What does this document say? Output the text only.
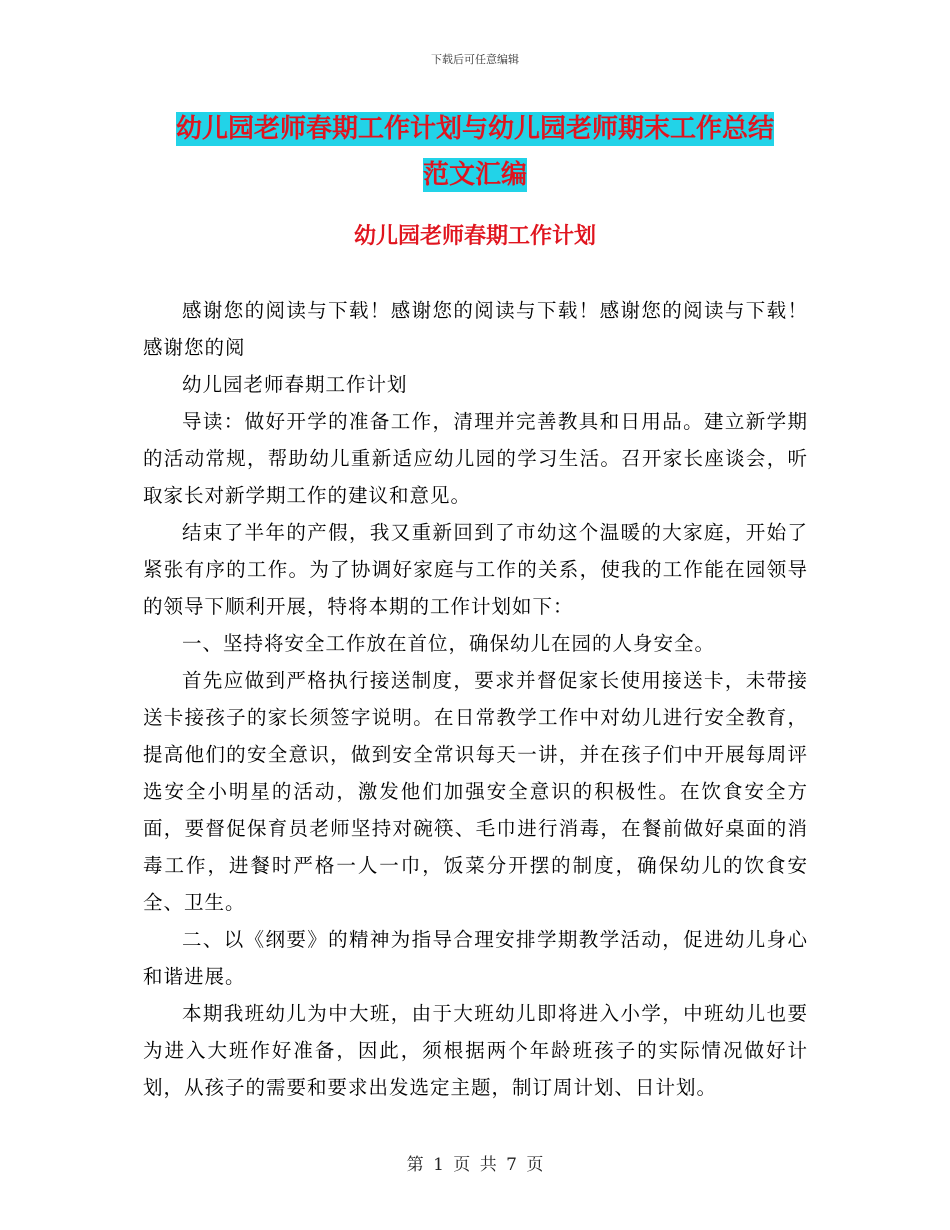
下载后可任意编辑
幼儿园老师春期工作计划与幼儿园老师期末工作总结
范文汇编
幼儿园老师春期工作计划

感谢您的阅读与下载！感谢您的阅读与下载！感谢您的阅读与下载！感谢您的阅

幼儿园老师春期工作计划

导读：做好开学的准备工作，清理并完善教具和日用品。建立新学期的活动常规，帮助幼儿重新适应幼儿园的学习生活。召开家长座谈会，听取家长对新学期工作的建议和意见。

结束了半年的产假，我又重新回到了市幼这个温暖的大家庭，开始了紧张有序的工作。为了协调好家庭与工作的关系，使我的工作能在园领导的领导下顺利开展，特将本期的工作计划如下：

一、坚持将安全工作放在首位，确保幼儿在园的人身安全。

首先应做到严格执行接送制度，要求并督促家长使用接送卡，未带接送卡接孩子的家长须签字说明。在日常教学工作中对幼儿进行安全教育，提高他们的安全意识，做到安全常识每天一讲，并在孩子们中开展每周评选安全小明星的活动，激发他们加强安全意识的积极性。在饮食安全方面，要督促保育员老师坚持对碗筷、毛巾进行消毒，在餐前做好桌面的消毒工作，进餐时严格一人一巾，饭菜分开摆的制度，确保幼儿的饮食安全、卫生。

二、以《纲要》的精神为指导合理安排学期教学活动，促进幼儿身心和谐进展。

本期我班幼儿为中大班，由于大班幼儿即将进入小学，中班幼儿也要为进入大班作好准备，因此，须根据两个年龄班孩子的实际情况做好计划，从孩子的需要和要求出发选定主题，制订周计划、日计划。

第 1 页 共 7 页
